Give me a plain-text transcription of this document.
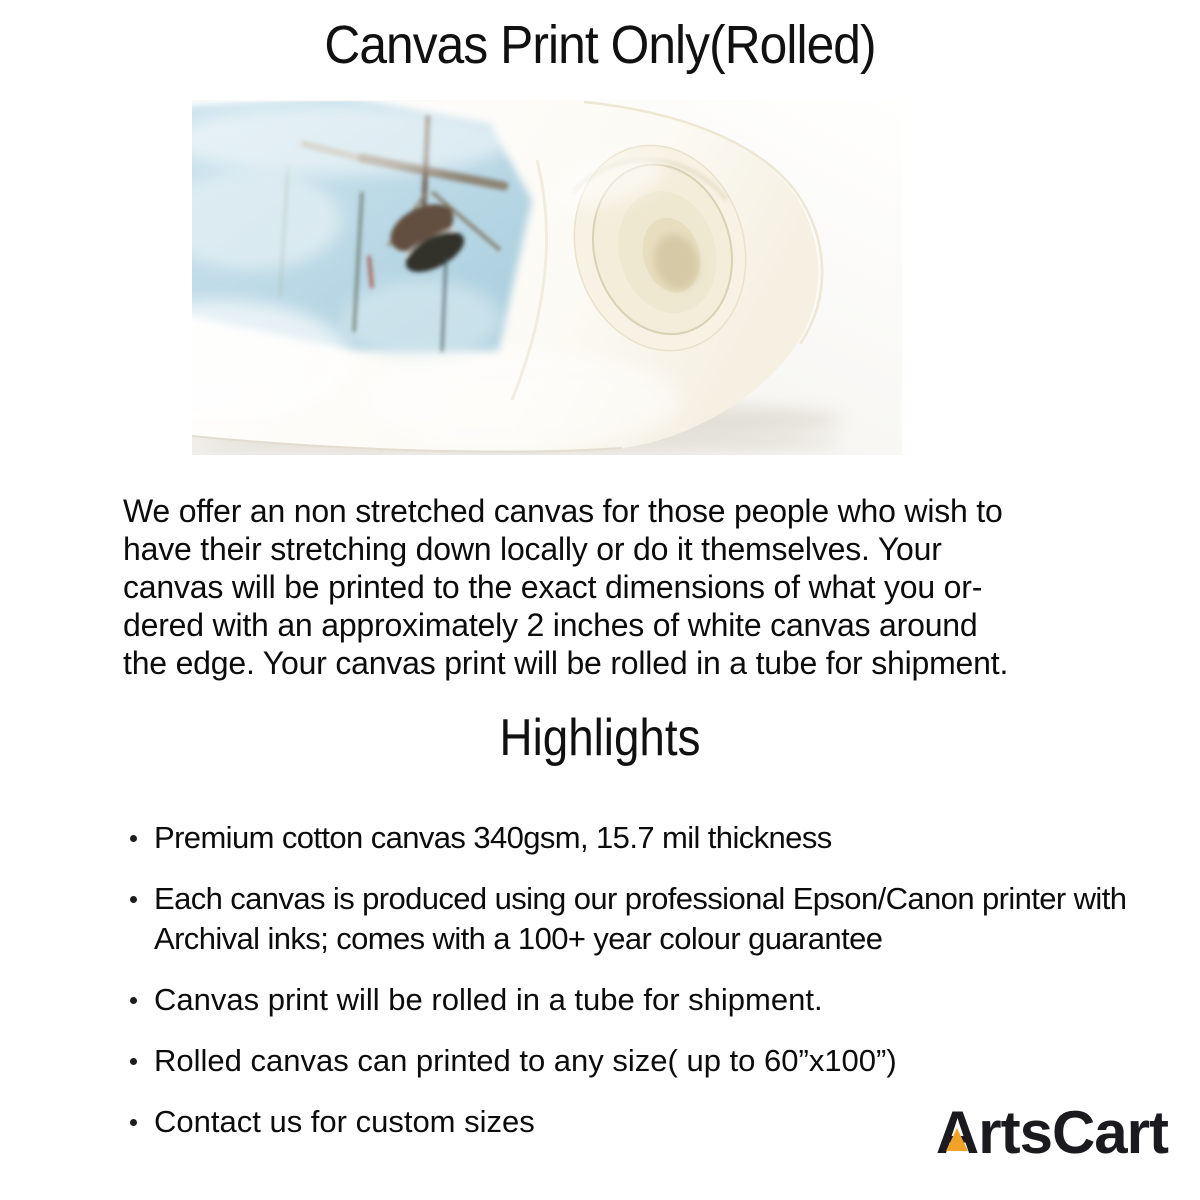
Canvas Print Only(Rolled)
We offer an non stretched canvas for those people who wish to
have their stretching down locally or do it themselves. Your
canvas will be printed to the exact dimensions of what you or-
dered with an approximately 2 inches of white canvas around
the edge. Your canvas print will be rolled in a tube for shipment.
Highlights
Premium cotton canvas 340gsm, 15.7 mil thickness
Each canvas is produced using our professional Epson/Canon printer with Archival inks; comes with a 100+ year colour guarantee
Canvas print will be rolled in a tube for shipment.
Rolled canvas can printed to any size( up to 60”x100”)
Contact us for custom sizes	A
rtsCart
